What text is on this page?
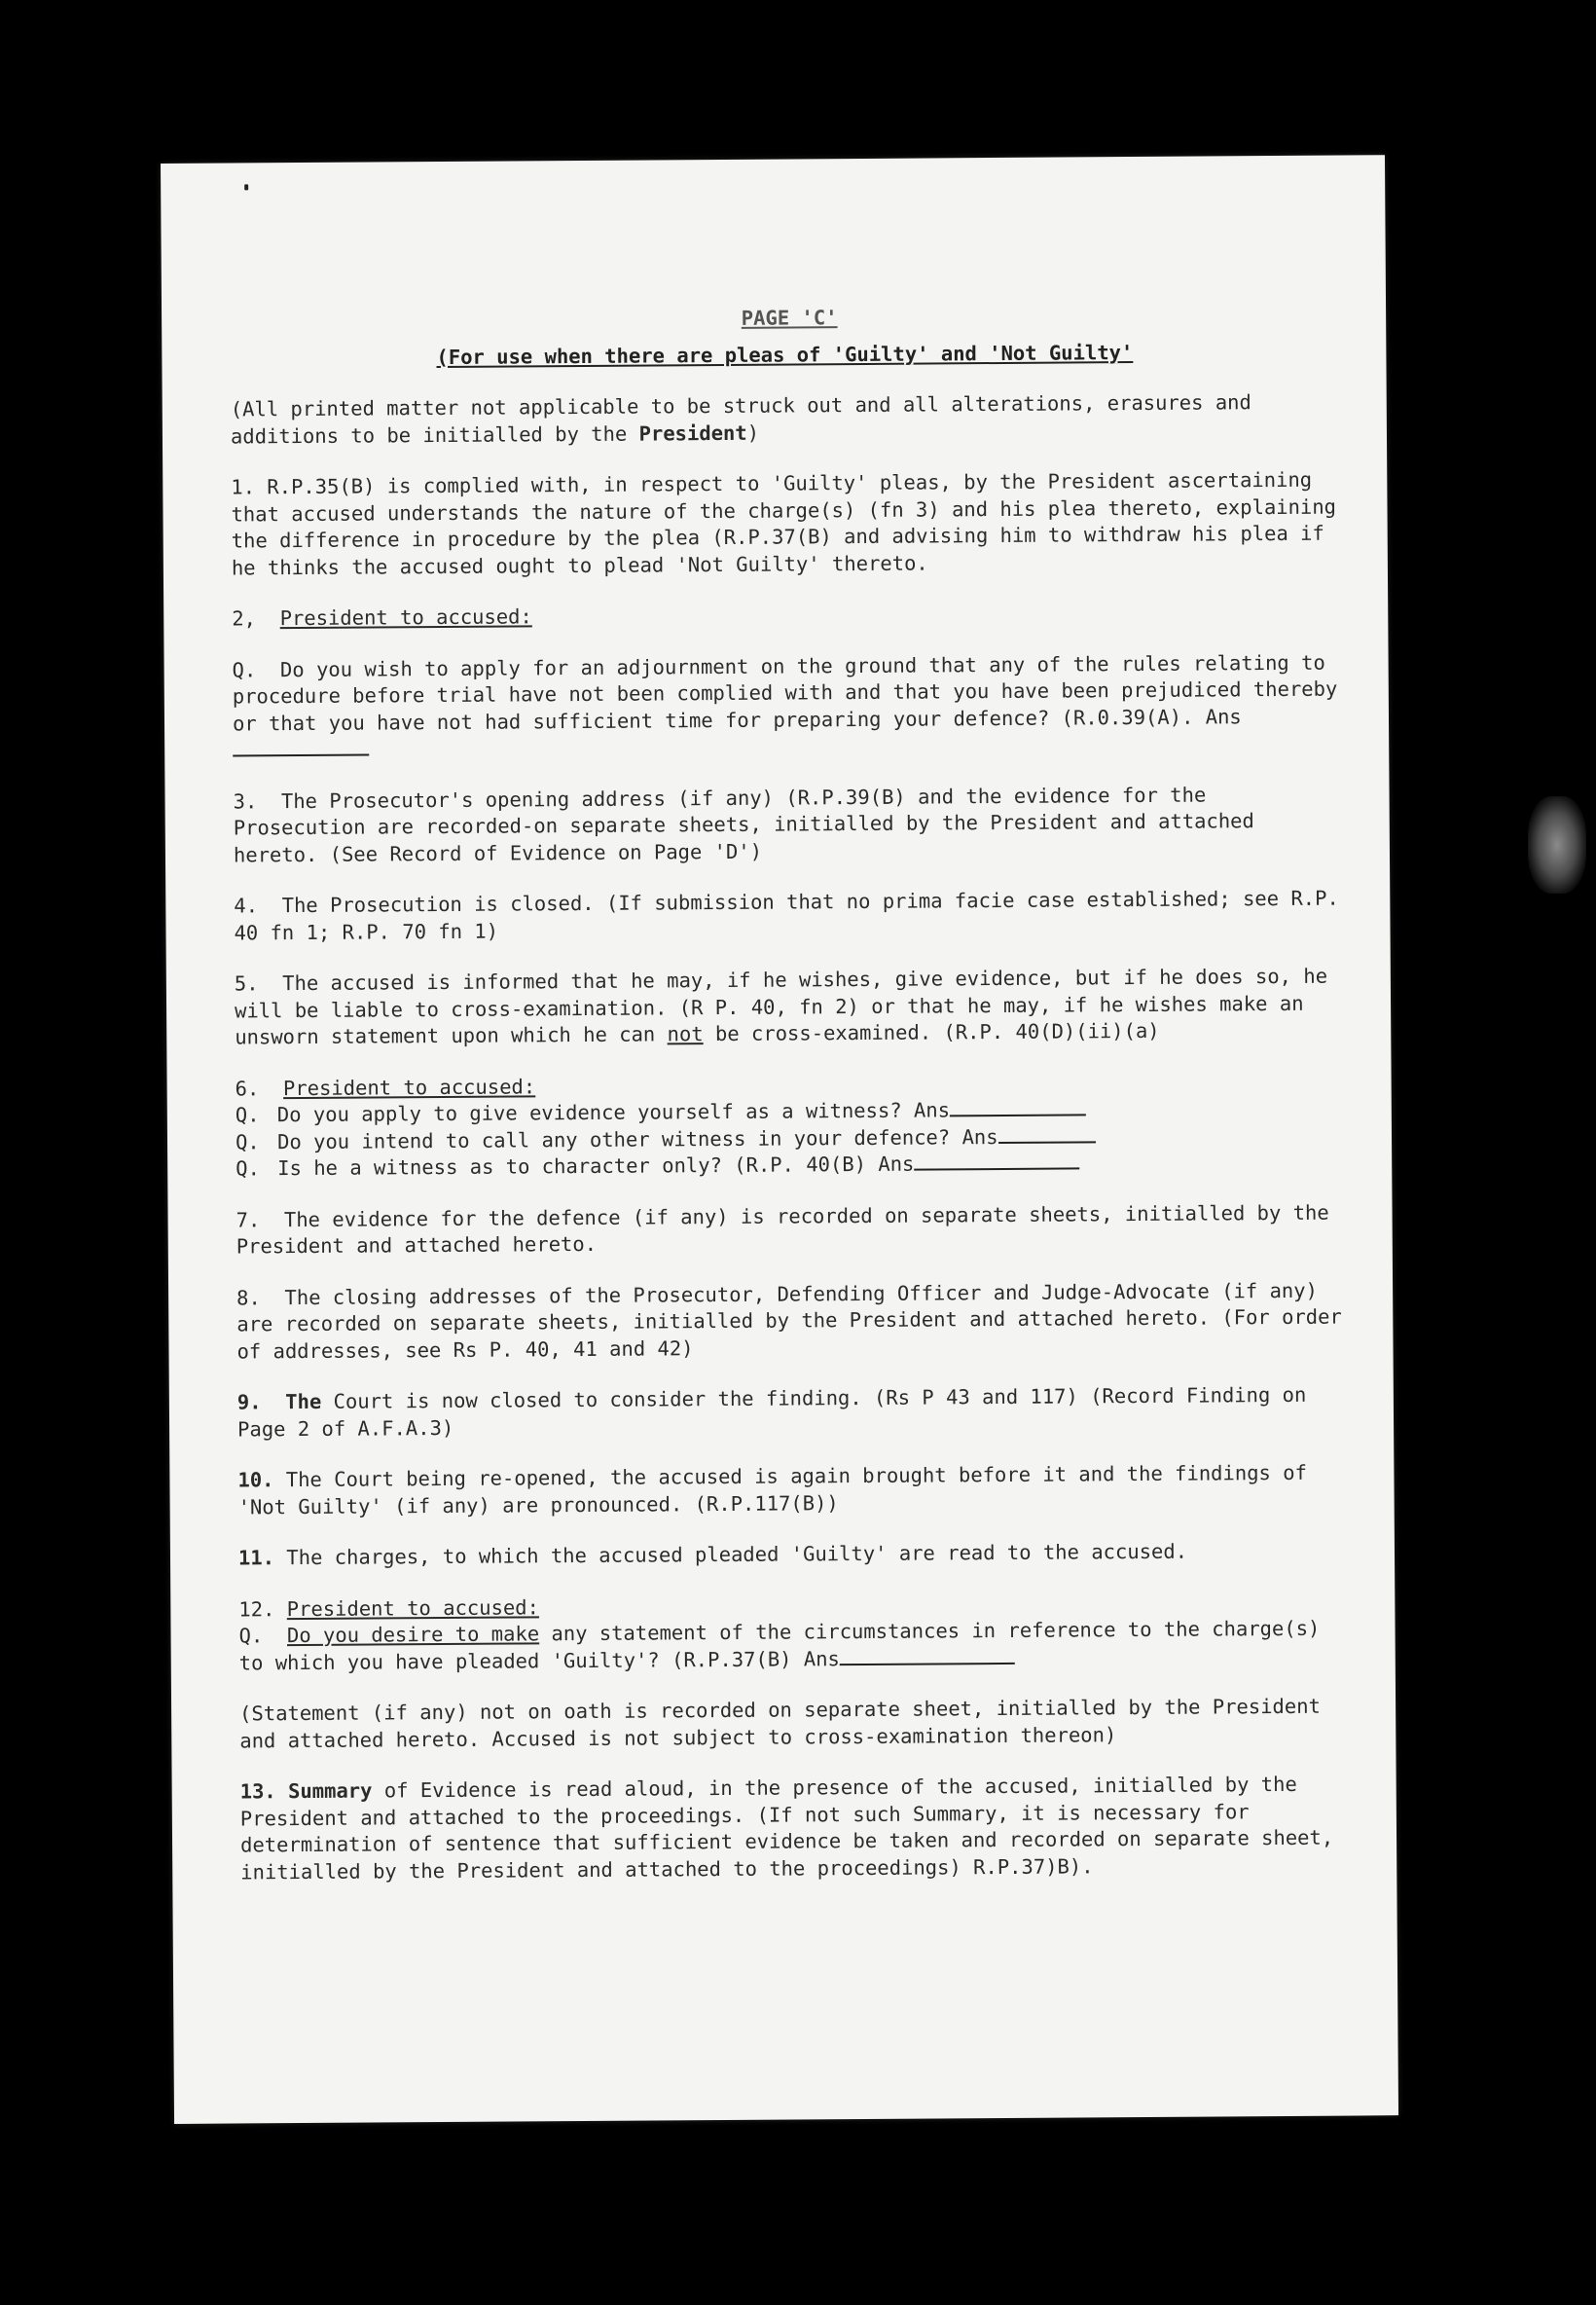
PAGE 'C'

(For use when there are pleas of 'Guilty' and 'Not Guilty'

(All printed matter not applicable to be struck out and all alterations, erasures and additions to be initialled by the President)

1. R.P.35(B) is complied with, in respect to 'Guilty' pleas, by the President ascertaining that accused understands the nature of the charge(s) (fn 3) and his plea thereto, explaining the difference in procedure by the plea (R.P.37(B) and advising him to withdraw his plea if he thinks the accused ought to plead 'Not Guilty' thereto.

2, President to accused:

Q. Do you wish to apply for an adjournment on the ground that any of the rules relating to procedure before trial have not been complied with and that you have been prejudiced thereby or that you have not had sufficient time for preparing your defence? (R.0.39(A). Ans

3. The Prosecutor's opening address (if any) (R.P.39(B) and the evidence for the Prosecution are recorded-on separate sheets, initialled by the President and attached hereto. (See Record of Evidence on Page 'D')

4. The Prosecution is closed. (If submission that no prima facie case established; see R.P. 40 fn 1; R.P. 70 fn 1)

5. The accused is informed that he may, if he wishes, give evidence, but if he does so, he will be liable to cross-examination. (R P. 40, fn 2) or that he may, if he wishes make an unsworn statement upon which he can not be cross-examined. (R.P. 40(D)(ii)(a)

6. President to accused:

Q. Do you apply to give evidence yourself as a witness? Ans

Q. Do you intend to call any other witness in your defence? Ans

Q. Is he a witness as to character only? (R.P. 40(B) Ans

7. The evidence for the defence (if any) is recorded on separate sheets, initialled by the President and attached hereto.

8. The closing addresses of the Prosecutor, Defending Officer and Judge-Advocate (if any) are recorded on separate sheets, initialled by the President and attached hereto. (For order of addresses, see Rs P. 40, 41 and 42)

9. The Court is now closed to consider the finding. (Rs P 43 and 117) (Record Finding on Page 2 of A.F.A.3)

10. The Court being re-opened, the accused is again brought before it and the findings of 'Not Guilty' (if any) are pronounced. (R.P.117(B))

11. The charges, to which the accused pleaded 'Guilty' are read to the accused.

12. President to accused:

Q. Do you desire to make any statement of the circumstances in reference to the charge(s) to which you have pleaded 'Guilty'? (R.P.37(B) Ans

(Statement (if any) not on oath is recorded on separate sheet, initialled by the President and attached hereto. Accused is not subject to cross-examination thereon)

13. Summary of Evidence is read aloud, in the presence of the accused, initialled by the President and attached to the proceedings. (If not such Summary, it is necessary for determination of sentence that sufficient evidence be taken and recorded on separate sheet, initialled by the President and attached to the proceedings) R.P.37)B).
